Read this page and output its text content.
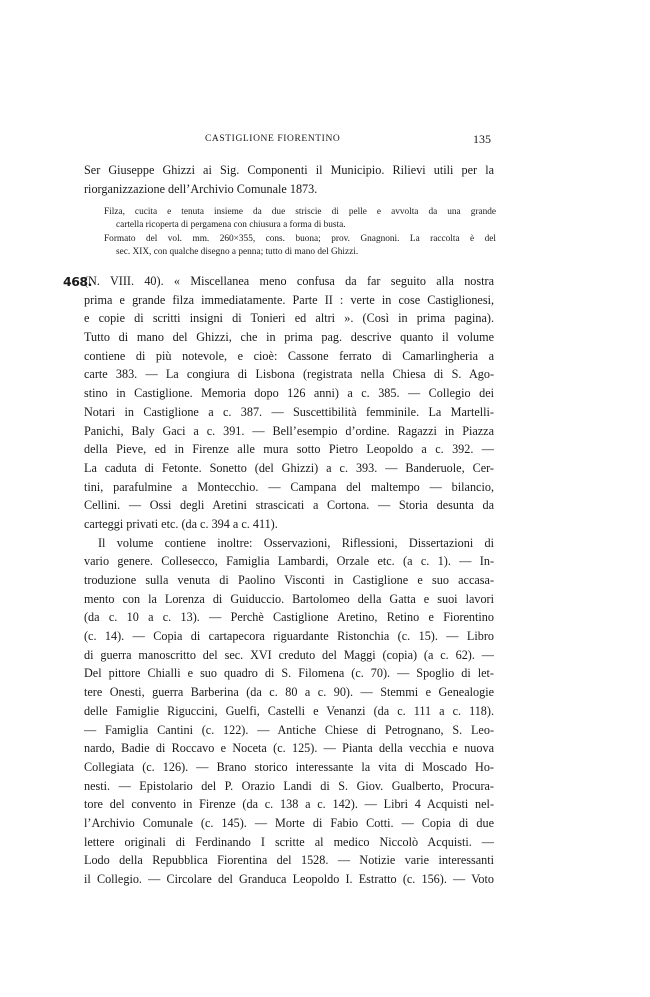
CASTIGLIONE FIORENTINO	135
Ser Giuseppe Ghizzi ai Sig. Componenti il Municipio. Rilievi utili per la
riorganizzazione dell’Archivio Comunale 1873.
Filza, cucita e tenuta insieme da due striscie di pelle e avvolta da una grande
cartella ricoperta di pergamena con chiusura a forma di busta.
Formato del vol. mm. 260×355, cons. buona; prov. Gnagnoni. La raccolta è del
sec. XIX, con qualche disegno a penna; tutto di mano del Ghizzi.
468.
(N. VIII. 40). « Miscellanea meno confusa da far seguito alla nostra
prima e grande filza immediatamente. Parte II : verte in cose Castiglionesi,
e copie di scritti insigni di Tonieri ed altri ». (Così in prima pagina).
Tutto di mano del Ghizzi, che in prima pag. descrive quanto il volume
contiene di più notevole, e cioè: Cassone ferrato di Camarlingheria a
carte 383. — La congiura di Lisbona (registrata nella Chiesa di S. Ago-
stino in Castiglione. Memoria dopo 126 anni) a c. 385. — Collegio dei
Notari in Castiglione a c. 387. — Suscettibilità femminile. La Martelli-
Panichi, Baly Gaci a c. 391. — Bell’esempio d’ordine. Ragazzi in Piazza
della Pieve, ed in Firenze alle mura sotto Pietro Leopoldo a c. 392. —
La caduta di Fetonte. Sonetto (del Ghizzi) a c. 393. — Banderuole, Cer-
tini, parafulmine a Montecchio. — Campana del maltempo — bilancio,
Cellini. — Ossi degli Aretini strascicati a Cortona. — Storia desunta da
carteggi privati etc. (da c. 394 a c. 411).
Il volume contiene inoltre: Osservazioni, Riflessioni, Dissertazioni di
vario genere. Collesecco, Famiglia Lambardi, Orzale etc. (a c. 1). — In-
troduzione sulla venuta di Paolino Visconti in Castiglione e suo accasa-
mento con la Lorenza di Guiduccio. Bartolomeo della Gatta e suoi lavori
(da c. 10 a c. 13). — Perchè Castiglione Aretino, Retino e Fiorentino
(c. 14). — Copia di cartapecora riguardante Ristonchia (c. 15). — Libro
di guerra manoscritto del sec. XVI creduto del Maggi (copia) (a c. 62). —
Del pittore Chialli e suo quadro di S. Filomena (c. 70). — Spoglio di let-
tere Onesti, guerra Barberina (da c. 80 a c. 90). — Stemmi e Genealogie
delle Famiglie Riguccini, Guelfi, Castelli e Venanzi (da c. 111 a c. 118).
— Famiglia Cantini (c. 122). — Antiche Chiese di Petrognano, S. Leo-
nardo, Badie di Roccavo e Noceta (c. 125). — Pianta della vecchia e nuova
Collegiata (c. 126). — Brano storico interessante la vita di Moscado Ho-
nesti. — Epistolario del P. Orazio Landi di S. Giov. Gualberto, Procura-
tore del convento in Firenze (da c. 138 a c. 142). — Libri 4 Acquisti nel-
l’Archivio Comunale (c. 145). — Morte di Fabio Cotti. — Copia di due
lettere originali di Ferdinando I scritte al medico Niccolò Acquisti. —
Lodo della Repubblica Fiorentina del 1528. — Notizie varie interessanti
il Collegio. — Circolare del Granduca Leopoldo I. Estratto (c. 156). — Voto
